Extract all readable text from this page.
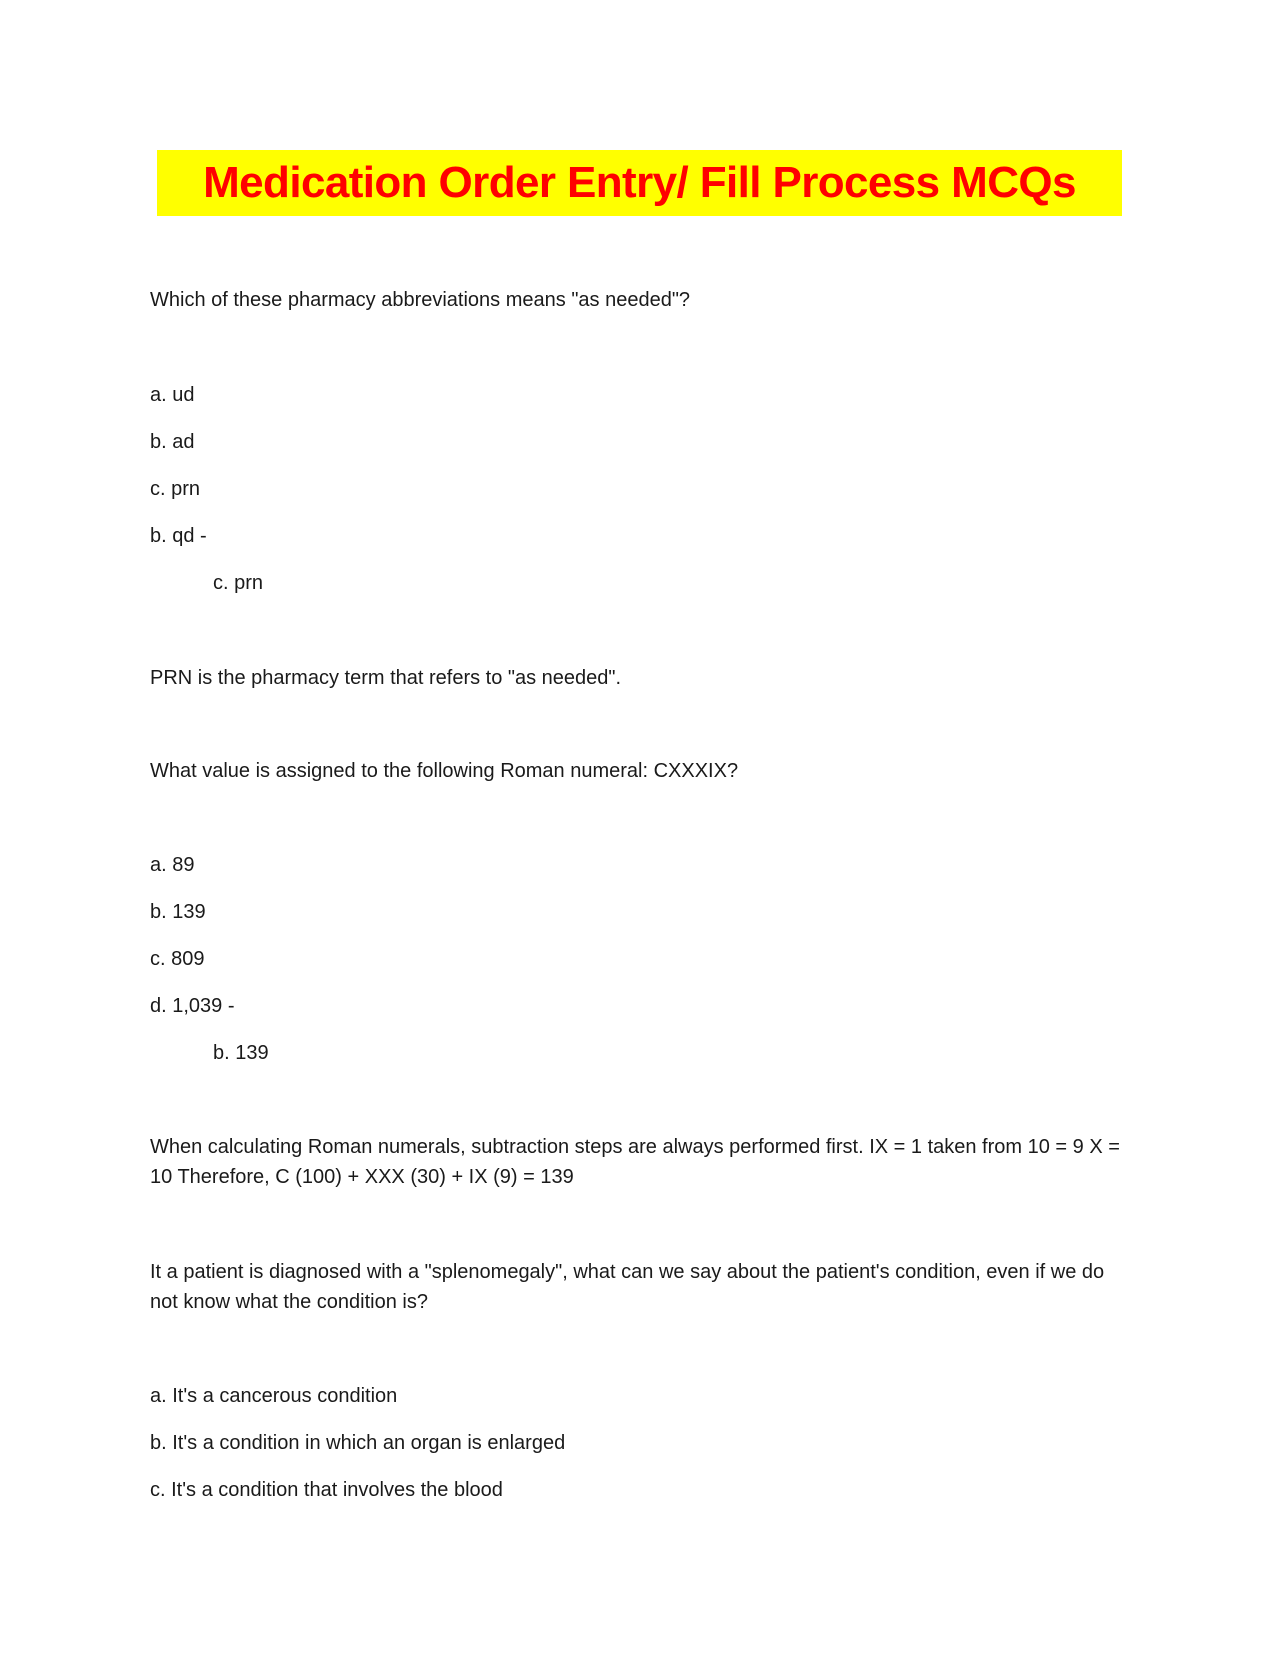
Medication Order Entry/ Fill Process MCQs
Which of these pharmacy abbreviations means "as needed"?
a. ud
b. ad
c. prn
b. qd -
c. prn
PRN is the pharmacy term that refers to "as needed".
What value is assigned to the following Roman numeral: CXXXIX?
a. 89
b. 139
c. 809
d. 1,039 -
b. 139
When calculating Roman numerals, subtraction steps are always performed first. IX = 1 taken from 10 = 9 X = 10 Therefore, C (100) + XXX (30) + IX (9) = 139
It a patient is diagnosed with a "splenomegaly", what can we say about the patient's condition, even if we do not know what the condition is?
a. It's a cancerous condition
b. It's a condition in which an organ is enlarged
c. It's a condition that involves the blood
